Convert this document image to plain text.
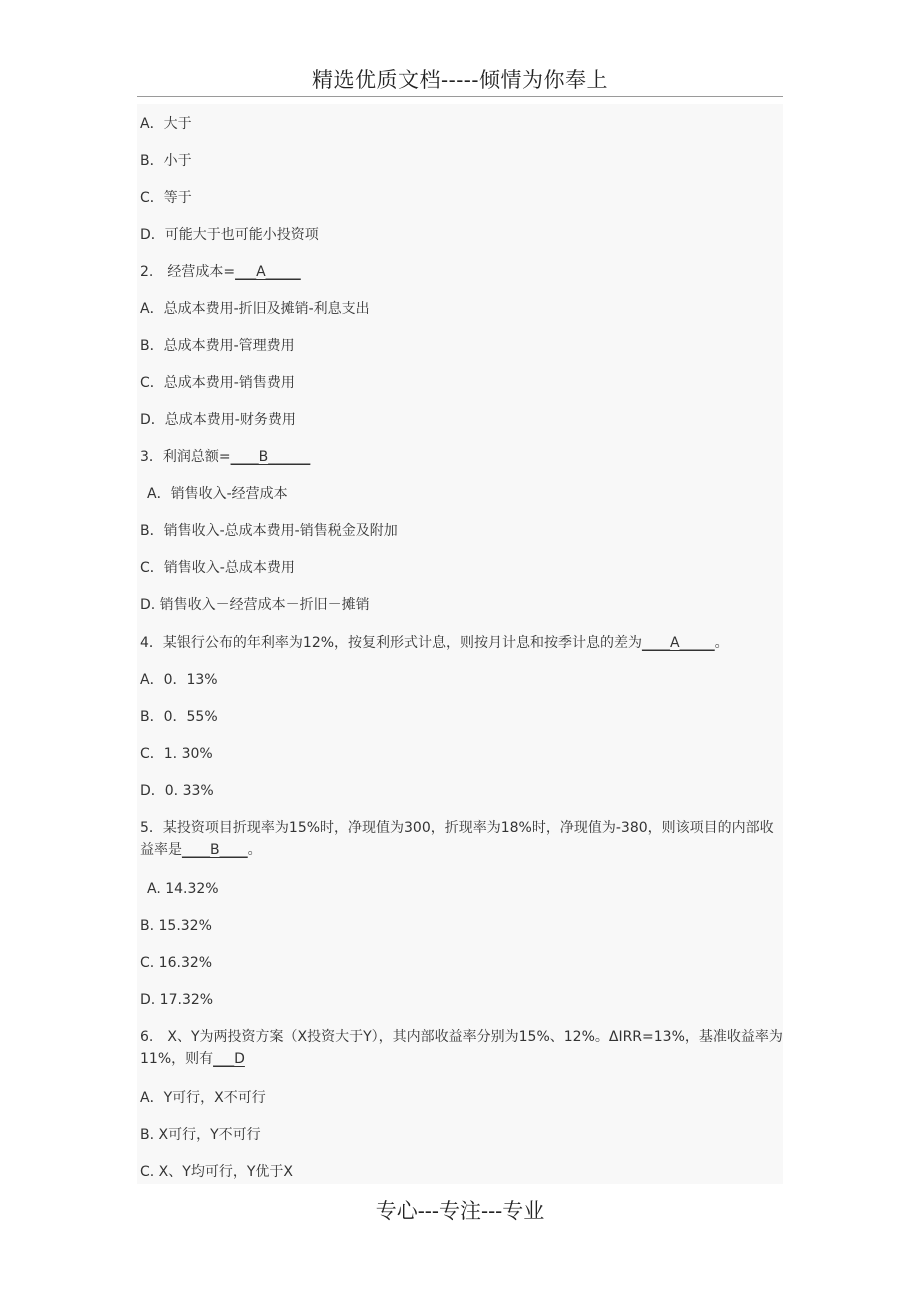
精选优质文档-----倾情为你奉上
A．大于
B．小于
C．等于
D．可能大于也可能小投资项
2.　经营成本=___A_____
A．总成本费用-折旧及摊销-利息支出
B．总成本费用-管理费用
C．总成本费用-销售费用
D．总成本费用-财务费用
3．利润总额=____B______
A．销售收入-经营成本
B．销售收入-总成本费用-销售税金及附加
C．销售收入-总成本费用
D. 销售收入－经营成本－折旧－摊销
4．某银行公布的年利率为12%，按复利形式计息，则按月计息和按季计息的差为____A_____。
A．0．13%
B．0．55%
C．1. 30%
D．0. 33%
5．某投资项目折现率为15%时，净现值为300，折现率为18%时，净现值为-380，则该项目的内部收益率是____B____。
A. 14.32%
B. 15.32%
C. 16.32%
D. 17.32%
6.　X、Y为两投资方案（X投资大于Y），其内部收益率分别为15%、12%。ΔIRR=13%，基准收益率为11%，则有___D
A．Y可行，X不可行
B. X可行，Y不可行
C. X、Y均可行，Y优于X
专心---专注---专业
